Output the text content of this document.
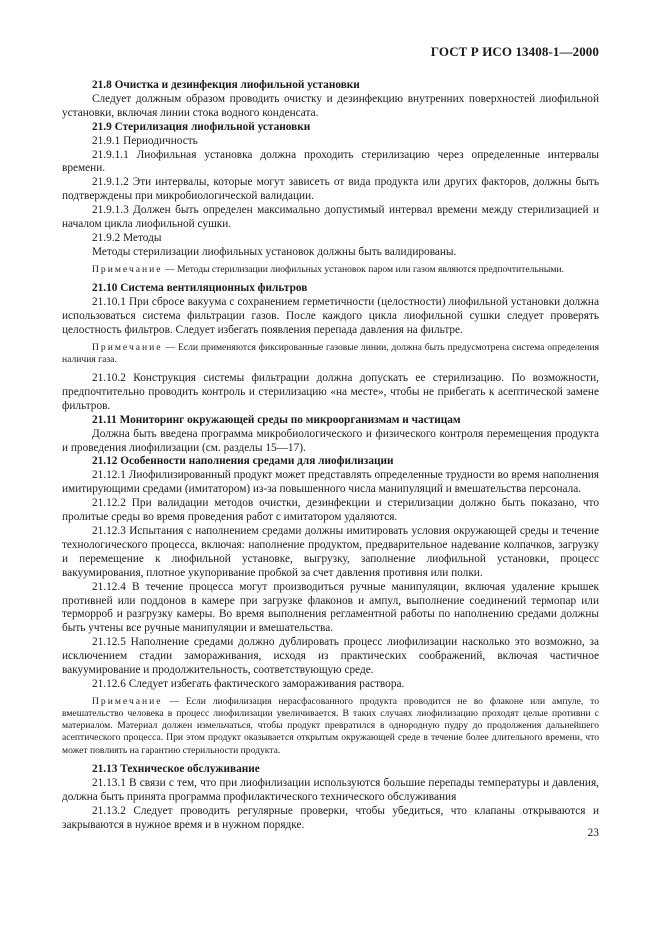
ГОСТ Р ИСО 13408-1—2000
21.8 Очистка и дезинфекция лиофильной установки
Следует должным образом проводить очистку и дезинфекцию внутренних поверхностей лиофильной установки, включая линии стока водного конденсата.
21.9 Стерилизация лиофильной установки
21.9.1 Периодичность
21.9.1.1 Лиофильная установка должна проходить стерилизацию через определенные интервалы времени.
21.9.1.2 Эти интервалы, которые могут зависеть от вида продукта или других факторов, должны быть подтверждены при микробиологической валидации.
21.9.1.3 Должен быть определен максимально допустимый интервал времени между стерилизацией и началом цикла лиофильной сушки.
21.9.2 Методы
Методы стерилизации лиофильных установок должны быть валидированы.
Примечание — Методы стерилизации лиофильных установок паром или газом являются предпочтительными.
21.10 Система вентиляционных фильтров
21.10.1 При сбросе вакуума с сохранением герметичности (целостности) лиофильной установки должна использоваться система фильтрации газов. После каждого цикла лиофильной сушки следует проверять целостность фильтров. Следует избегать появления перепада давления на фильтре.
Примечание — Если применяются фиксированные газовые линии, должна быть предусмотрена система определения наличия газа.
21.10.2 Конструкция системы фильтрации должна допускать ее стерилизацию. По возможности, предпочтительно проводить контроль и стерилизацию «на месте», чтобы не прибегать к асептической замене фильтров.
21.11 Мониторинг окружающей среды по микроорганизмам и частицам
Должна быть введена программа микробиологического и физического контроля перемещения продукта и проведения лиофилизации (см. разделы 15—17).
21.12 Особенности наполнения средами для лиофилизации
21.12.1 Лиофилизированный продукт может представлять определенные трудности во время наполнения имитирующими средами (имитатором) из-за повышенного числа манипуляций и вмешательства персонала.
21.12.2 При валидации методов очистки, дезинфекции и стерилизации должно быть показано, что пролитые среды во время проведения работ с имитатором удаляются.
21.12.3 Испытания с наполнением средами должны имитировать условия окружающей среды и течение технологического процесса, включая: наполнение продуктом, предварительное надевание колпачков, загрузку и перемещение к лиофильной установке, выгрузку, заполнение лиофильной установки, процесс вакуумирования, плотное укупоривание пробкой за счет давления противня или полки.
21.12.4 В течение процесса могут производиться ручные манипуляции, включая удаление крышек противней или поддонов в камере при загрузке флаконов и ампул, выполнение соединений термопар или терморроб и разгрузку камеры. Во время выполнения регламентной работы по наполнению средами должны быть учтены все ручные манипуляции и вмешательства.
21.12.5 Наполнение средами должно дублировать процесс лиофилизации насколько это возможно, за исключением стадии замораживания, исходя из практических соображений, включая частичное вакуумирование и продолжительность, соответствующую среде.
21.12.6 Следует избегать фактического замораживания раствора.
Примечание — Если лиофилизация нерасфасованного продукта проводится не во флаконе или ампуле, то вмешательство человека в процесс лиофилизации увеличивается. В таких случаях лиофилизацию проходят целые противни с материалом. Материал должен измельчаться, чтобы продукт превратился в однородную пудру до продолжения дальнейшего асептического процесса. При этом продукт оказывается открытым окружающей среде в течение более длительного времени, что может повлиять на гарантию стерильности продукта.
21.13 Техническое обслуживание
21.13.1 В связи с тем, что при лиофилизации используются большие перепады температуры и давления, должна быть принята программа профилактического технического обслуживания
21.13.2 Следует проводить регулярные проверки, чтобы убедиться, что клапаны открываются и закрываются в нужное время и в нужном порядке.
23
